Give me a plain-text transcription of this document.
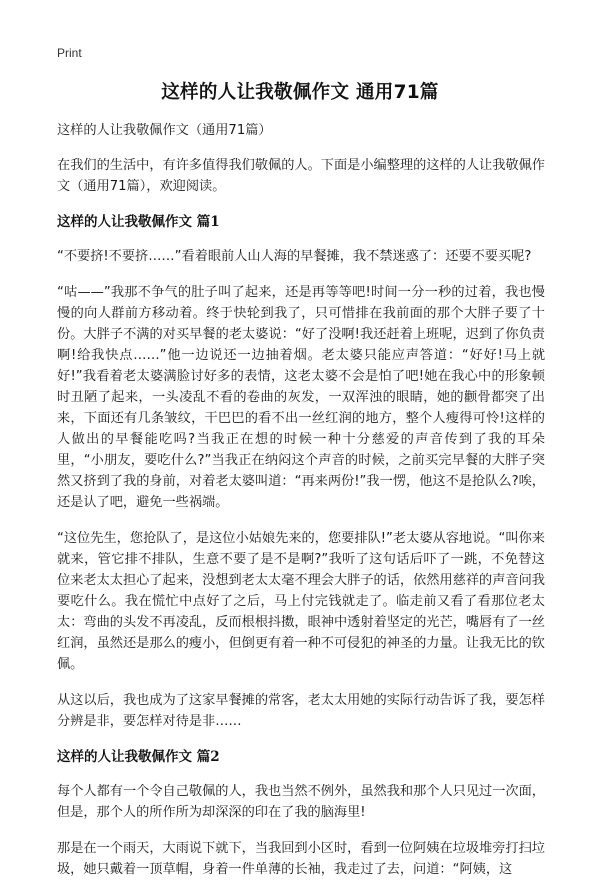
Print
这样的人让我敬佩作文 通用71篇

这样的人让我敬佩作文（通用71篇）

在我们的生活中，有许多值得我们敬佩的人。下面是小编整理的这样的人让我敬佩作文（通用71篇），欢迎阅读。

这样的人让我敬佩作文 篇1

“不要挤!不要挤……”看着眼前人山人海的早餐摊，我不禁迷惑了：还要不要买呢?

“咕——”我那不争气的肚子叫了起来，还是再等等吧!时间一分一秒的过着，我也慢慢的向人群前方移动着。终于快轮到我了，只可惜排在我前面的那个大胖子要了十份。大胖子不满的对买早餐的老太婆说：“好了没啊!我还赶着上班呢，迟到了你负责啊!给我快点……”他一边说还一边抽着烟。老太婆只能应声答道：“好好!马上就好!”我看着老太婆满脸讨好多的表情，这老太婆不会是怕了吧!她在我心中的形象顿时丑陋了起来，一头凌乱不看的卷曲的灰发，一双浑浊的眼睛，她的颧骨都突了出来，下面还有几条皱纹，干巴巴的看不出一丝红润的地方，整个人瘦得可怜!这样的人做出的早餐能吃吗?当我正在想的时候一种十分慈爱的声音传到了我的耳朵里，“小朋友，要吃什么?”当我正在纳闷这个声音的时候，之前买完早餐的大胖子突然又挤到了我的身前，对着老太婆叫道：“再来两份!”我一愣，他这不是抢队么?唉，还是认了吧，避免一些祸端。

“这位先生，您抢队了，是这位小姑娘先来的，您要排队!”老太婆从容地说。“叫你来就来，管它排不排队，生意不要了是不是啊?”我听了这句话后吓了一跳，不免替这位来老太太担心了起来，没想到老太太毫不理会大胖子的话，依然用慈祥的声音问我要吃什么。我在慌忙中点好了之后，马上付完钱就走了。临走前又看了看那位老太太：弯曲的头发不再凌乱，反而根根抖擞，眼神中透射着坚定的光芒，嘴唇有了一丝红润，虽然还是那么的瘦小，但倒更有着一种不可侵犯的神圣的力量。让我无比的钦佩。

从这以后，我也成为了这家早餐摊的常客，老太太用她的实际行动告诉了我，要怎样分辨是非，要怎样对待是非……

这样的人让我敬佩作文 篇2

每个人都有一个令自己敬佩的人，我也当然不例外，虽然我和那个人只见过一次面，但是，那个人的所作所为却深深的印在了我的脑海里!

那是在一个雨天，大雨说下就下，当我回到小区时，看到一位阿姨在垃圾堆旁打扫垃圾，她只戴着一顶草帽，身着一件单薄的长袖，我走过了去，问道：“阿姨，这
